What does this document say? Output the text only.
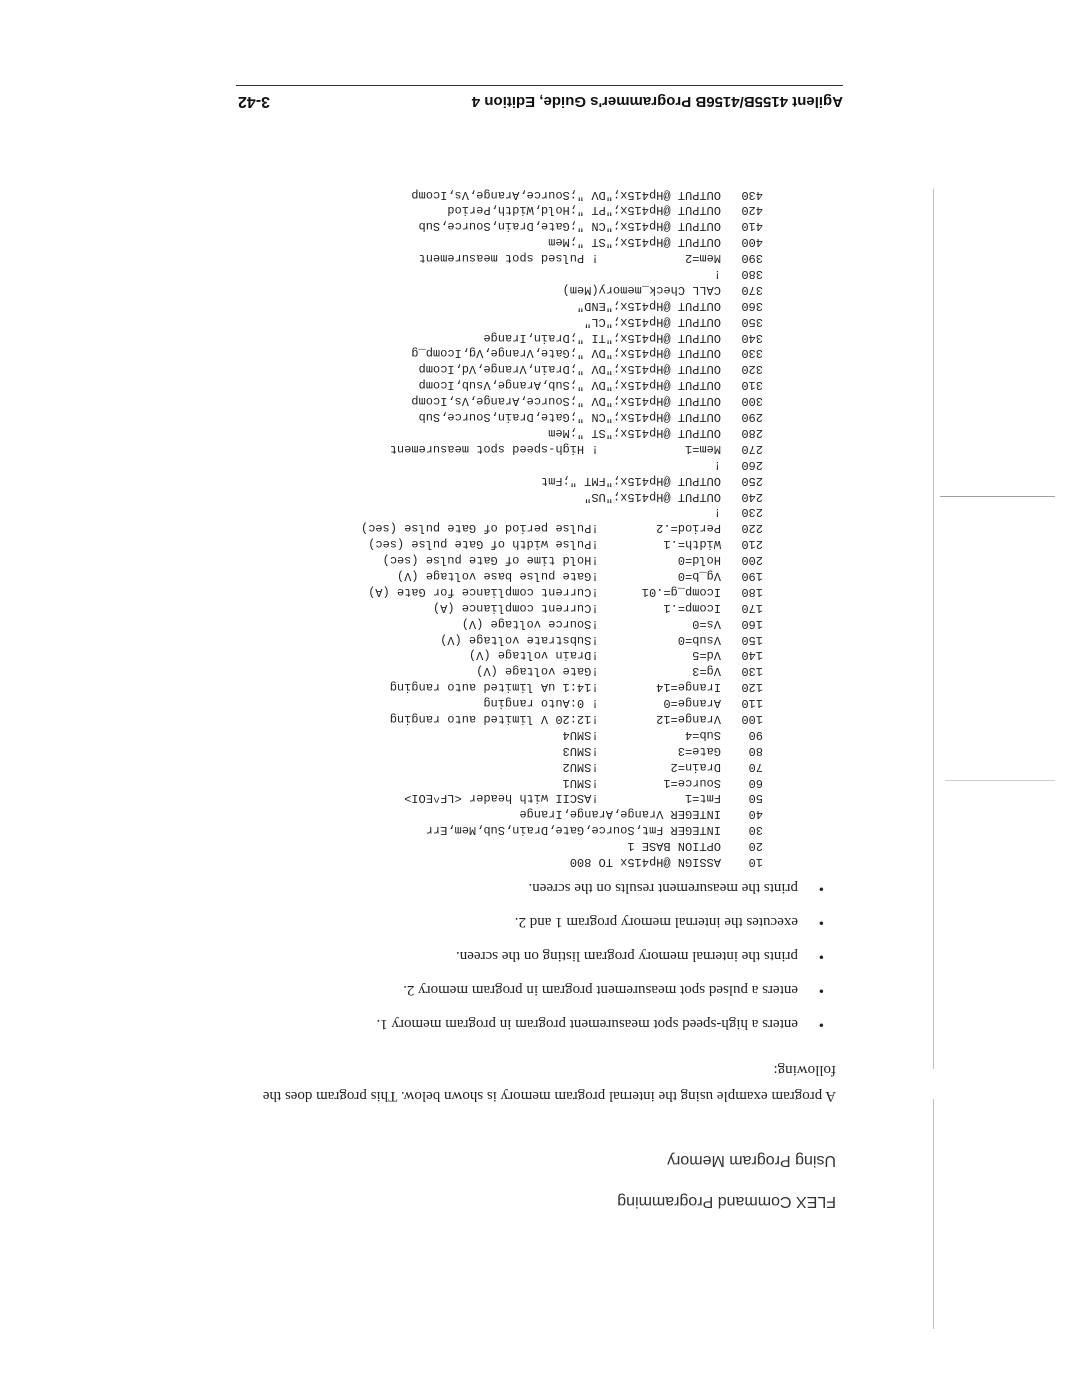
Agilent 4155B/4156B Programmer's Guide, Edition 4
3-42
10ASSIGN @Hp415x TO 800
20OPTION BASE 1
30INTEGER Fmt,Source,Gate,Drain,Sub,Mem,Err
40INTEGER Vrange,Arange,Irange
50Fmt=1            !ASCII with header <LF^EOI>
60Source=1         !SMU1
70Drain=2          !SMU2
80Gate=3           !SMU3
90Sub=4            !SMU4
100Vrange=12        !12:20 V limited auto ranging
110Arange=0         ! 0:Auto ranging
120Irange=14        !14:1 uA limited auto ranging
130Vg=3             !Gate voltage (V)
140Vd=5             !Drain voltage (V)
150Vsub=0           !Substrate voltage (V)
160Vs=0             !Source voltage (V)
170Icomp=.1         !Current compliance (A)
180Icomp_g=.01      !Current compliance for Gate (A)
190Vg_b=0           !Gate pulse base voltage (V)
200Hold=0           !Hold time of Gate pulse (sec)
210Width=.1         !Pulse width of Gate pulse (sec)
220Period=.2        !Pulse period of Gate pulse (sec)
230!
240OUTPUT @Hp415x;"US"
250OUTPUT @Hp415x;"FMT ";Fmt
260!
270Mem=1            ! High-speed spot measurement
280OUTPUT @Hp415x;"ST ";Mem
290OUTPUT @Hp415x;"CN ";Gate,Drain,Source,Sub
300OUTPUT @Hp415x;"DV ";Source,Arange,Vs,Icomp
310OUTPUT @Hp415x;"DV ";Sub,Arange,Vsub,Icomp
320OUTPUT @Hp415x;"DV ";Drain,Vrange,Vd,Icomp
330OUTPUT @Hp415x;"DV ";Gate,Vrange,Vg,Icomp_g
340OUTPUT @Hp415x;"TI ";Drain,Irange
350OUTPUT @Hp415x;"CL"
360OUTPUT @Hp415x;"END"
370CALL Check_memory(Mem)
380!
390Mem=2            ! Pulsed spot measurement
400OUTPUT @Hp415x;"ST ";Mem
410OUTPUT @Hp415x;"CN ";Gate,Drain,Source,Sub
420OUTPUT @Hp415x;"PT ";Hold,Width,Period
430OUTPUT @Hp415x;"DV ";Source,Arange,Vs,Icomp
• enters a high-speed spot measurement program in program memory 1.
• enters a pulsed spot measurement program in program memory 2.
• prints the internal memory program listing on the screen.
• executes the internal memory program 1 and 2.
• prints the measurement results on the screen.

A program example using the internal program memory is shown below. This program does the following:

Using Program Memory
FLEX Command Programming
